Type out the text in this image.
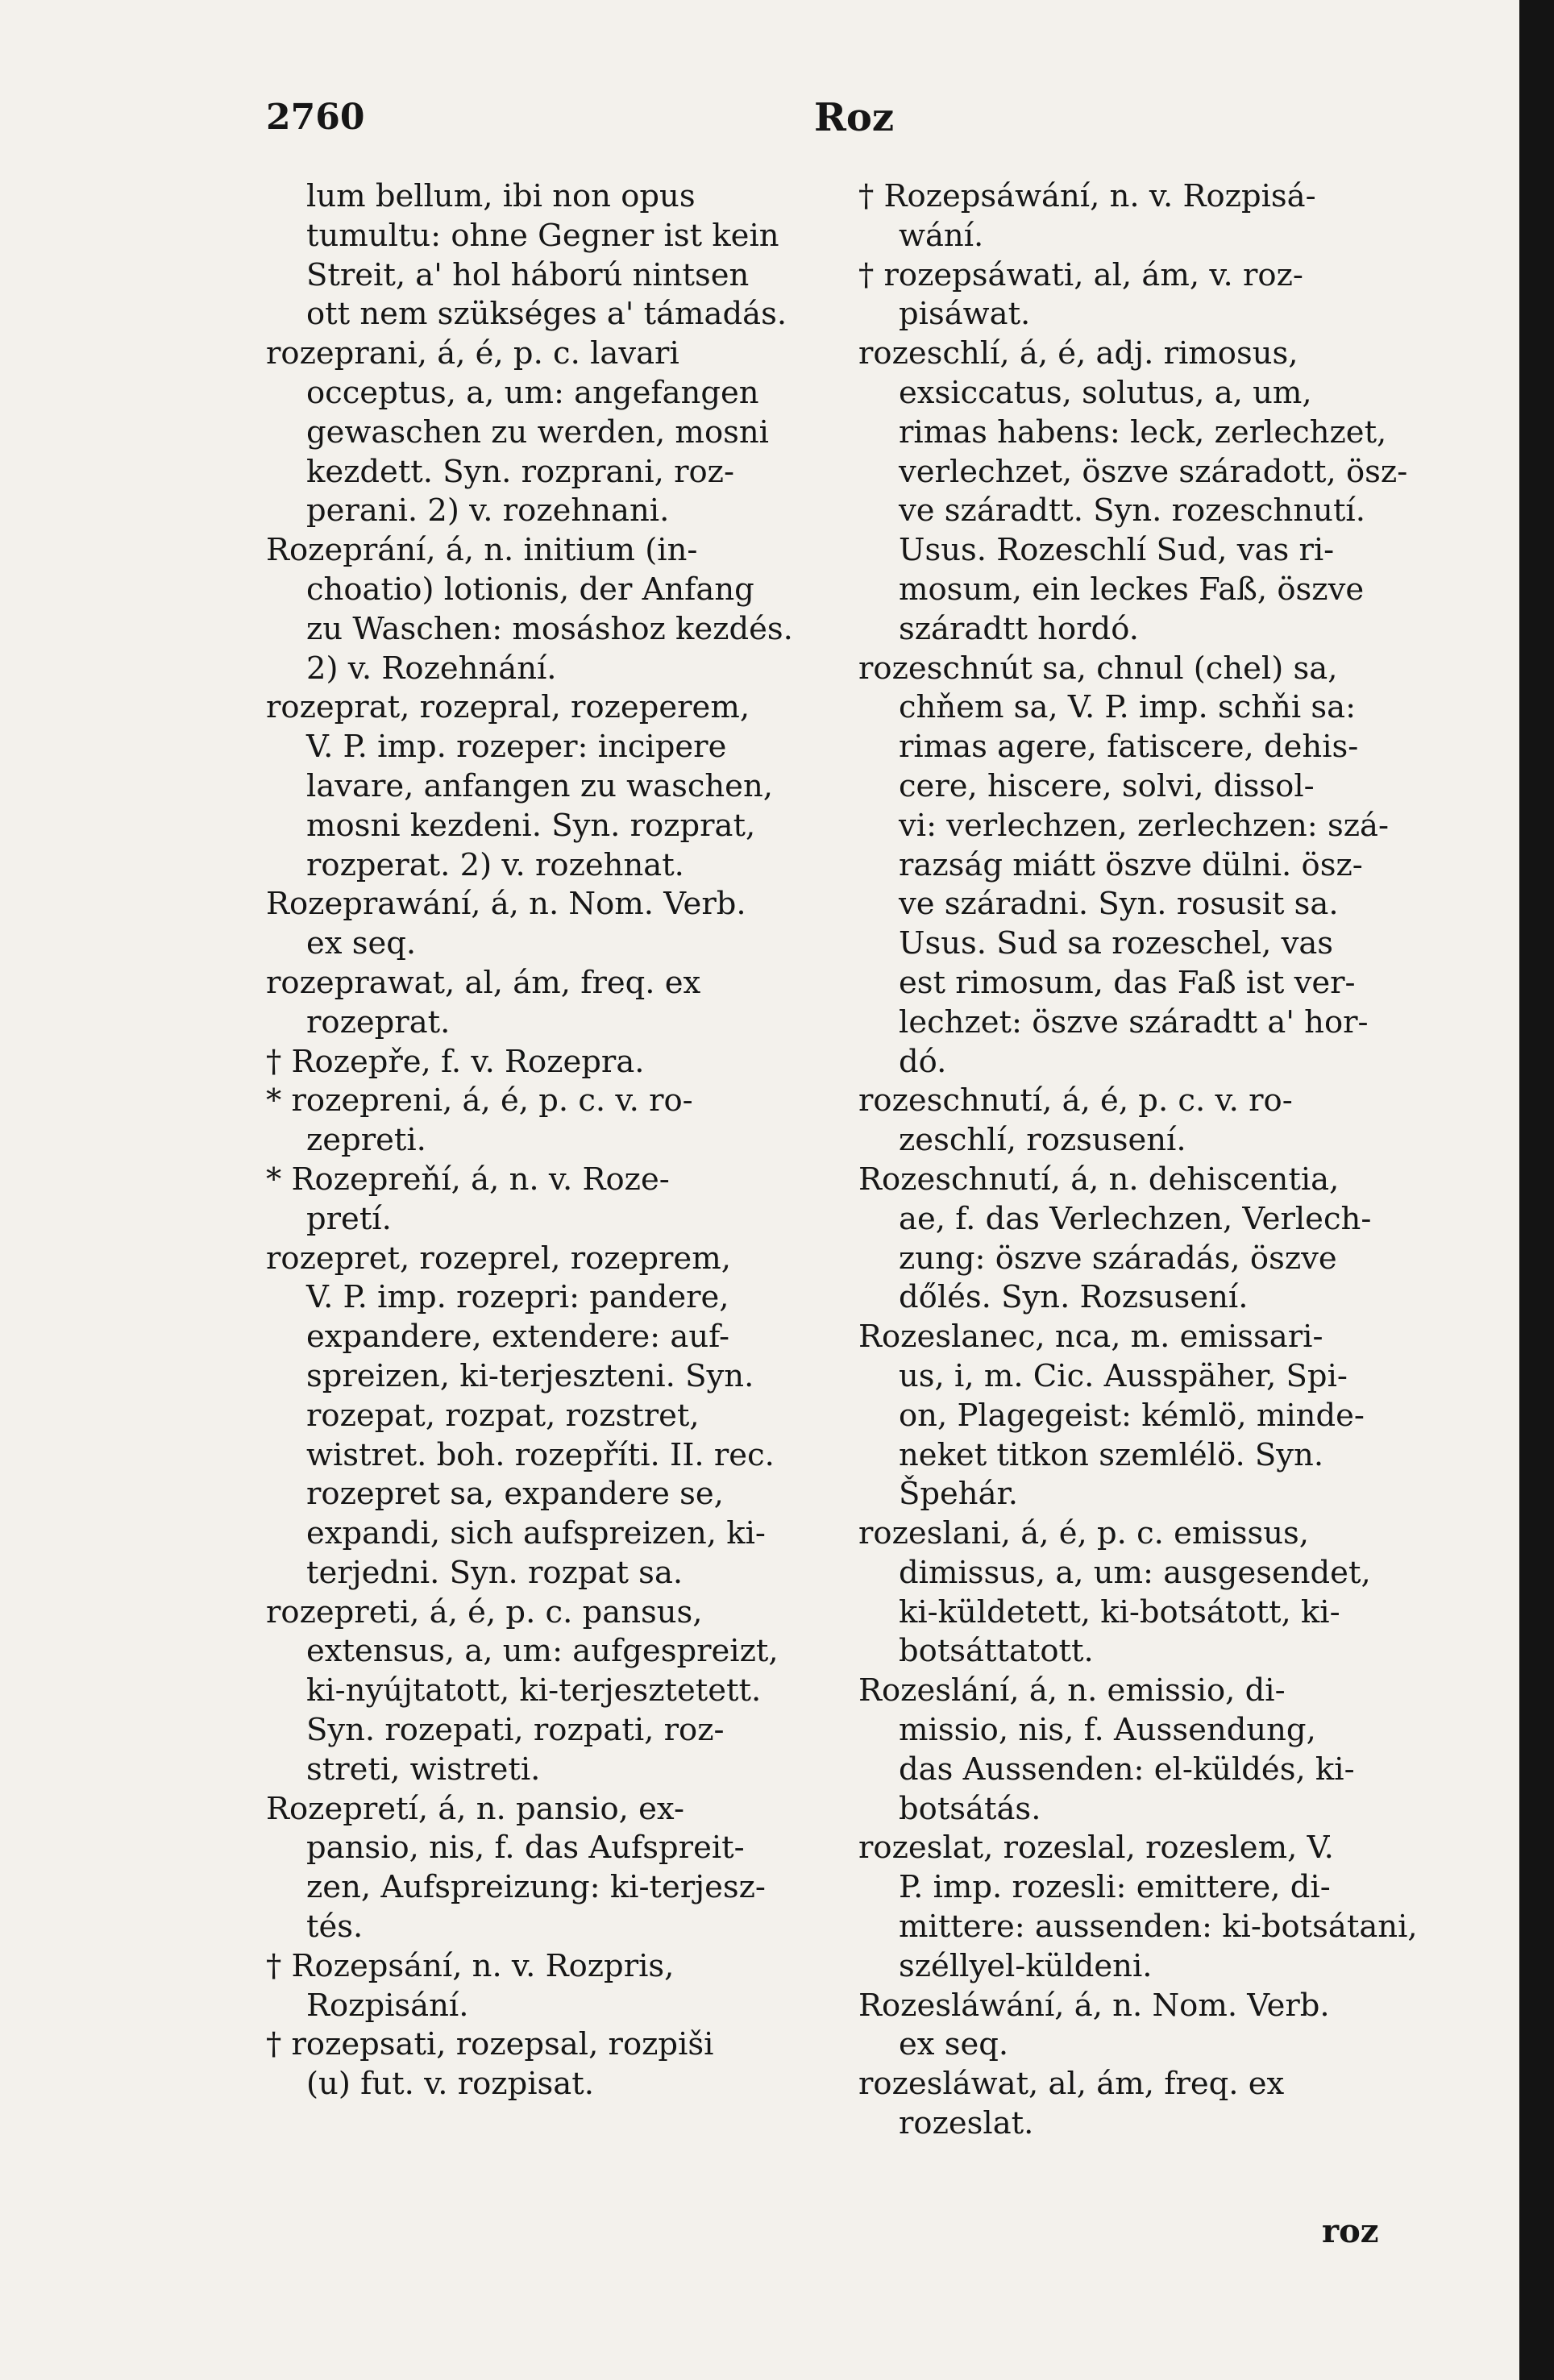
2760	Roz

lum bellum, ibi non opus
tumultu: ohne Gegner ist kein
Streit, a' hol háború nintsen
ott nem szükséges a' támadás.

rozeprani, á, é, p. c. lavari
occeptus, a, um: angefangen
gewaschen zu werden, mosni
kezdett. Syn. rozprani, roz-
perani. 2) v. rozehnani.

Rozeprání, á, n. initium (in-
choatio) lotionis, der Anfang
zu Waschen: mosáshoz kezdés.
2) v. Rozehnání.

rozeprat, rozepral, rozeperem,
V. P. imp. rozeper: incipere
lavare, anfangen zu waschen,
mosni kezdeni. Syn. rozprat,
rozperat. 2) v. rozehnat.

Rozeprawání, á, n. Nom. Verb.
ex seq.

rozeprawat, al, ám, freq. ex
rozeprat.

† Rozepře, f. v. Rozepra.

* rozepreni, á, é, p. c. v. ro-
zepreti.

* Rozepreňí, á, n. v. Roze-
pretí.

rozepret, rozeprel, rozeprem,
V. P. imp. rozepri: pandere,
expandere, extendere: auf-
spreizen, ki-terjeszteni. Syn.
rozepat, rozpat, rozstret,
wistret. boh. rozepříti. II. rec.
rozepret sa, expandere se,
expandi, sich aufspreizen, ki-
terjedni. Syn. rozpat sa.

rozepreti, á, é, p. c. pansus,
extensus, a, um: aufgespreizt,
ki-nyújtatott, ki-terjesztetett.
Syn. rozepati, rozpati, roz-
streti, wistreti.

Rozepretí, á, n. pansio, ex-
pansio, nis, f. das Aufspreit-
zen, Aufspreizung: ki-terjesz-
tés.

† Rozepsání, n. v. Rozpris,
Rozpisání.

† rozepsati, rozepsal, rozpiši
(u) fut. v. rozpisat.

† Rozepsáwání, n. v. Rozpisá-
wání.

† rozepsáwati, al, ám, v. roz-
pisáwat.

rozeschlí, á, é, adj. rimosus,
exsiccatus, solutus, a, um,
rimas habens: leck, zerlechzet,
verlechzet, öszve száradott, ösz-
ve száradtt. Syn. rozeschnutí.
Usus. Rozeschlí Sud, vas ri-
mosum, ein leckes Faß, öszve
száradtt hordó.

rozeschnút sa, chnul (chel) sa,
chňem sa, V. P. imp. schňi sa:
rimas agere, fatiscere, dehis-
cere, hiscere, solvi, dissol-
vi: verlechzen, zerlechzen: szá-
razság miátt öszve dülni. ösz-
ve száradni. Syn. rosusit sa.
Usus. Sud sa rozeschel, vas
est rimosum, das Faß ist ver-
lechzet: öszve száradtt a' hor-
dó.

rozeschnutí, á, é, p. c. v. ro-
zeschlí, rozsusení.

Rozeschnutí, á, n. dehiscentia,
ae, f. das Verlechzen, Verlech-
zung: öszve száradás, öszve
dőlés. Syn. Rozsusení.

Rozeslanec, nca, m. emissari-
us, i, m. Cic. Ausspäher, Spi-
on, Plagegeist: kémlö, minde-
neket titkon szemlélö. Syn.
Špehár.

rozeslani, á, é, p. c. emissus,
dimissus, a, um: ausgesendet,
ki-küldetett, ki-botsátott, ki-
botsáttatott.

Rozeslání, á, n. emissio, di-
missio, nis, f. Aussendung,
das Aussenden: el-küldés, ki-
botsátás.

rozeslat, rozeslal, rozeslem, V.
P. imp. rozesli: emittere, di-
mittere: aussenden: ki-botsátani,
széllyel-küldeni.

Rozesláwání, á, n. Nom. Verb.
ex seq.

rozesláwat, al, ám, freq. ex
rozeslat.

roz
